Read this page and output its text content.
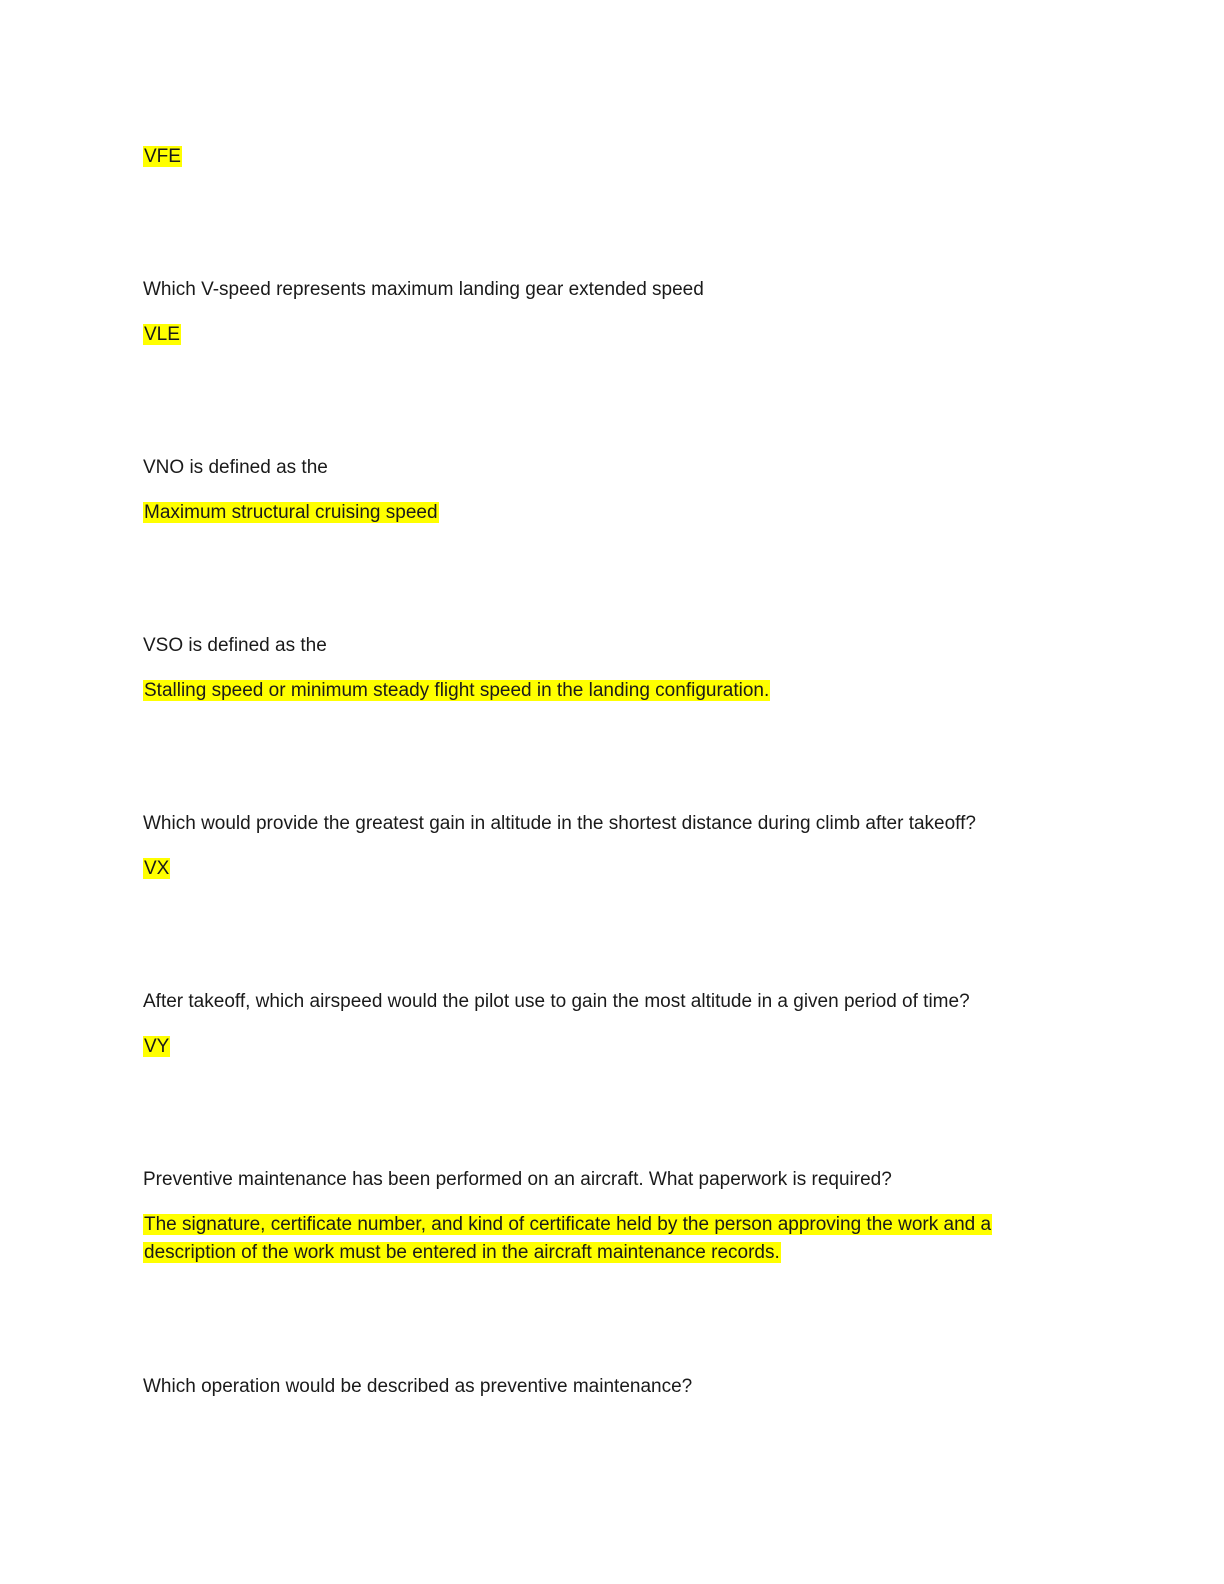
VFE

Which V-speed represents maximum landing gear extended speed

VLE

VNO is defined as the

Maximum structural cruising speed

VSO is defined as the

Stalling speed or minimum steady flight speed in the landing configuration.

Which would provide the greatest gain in altitude in the shortest distance during climb after takeoff?

VX

After takeoff, which airspeed would the pilot use to gain the most altitude in a given period of time?

VY

Preventive maintenance has been performed on an aircraft. What paperwork is required?

The signature, certificate number, and kind of certificate held by the person approving the work and a

description of the work must be entered in the aircraft maintenance records.

Which operation would be described as preventive maintenance?
